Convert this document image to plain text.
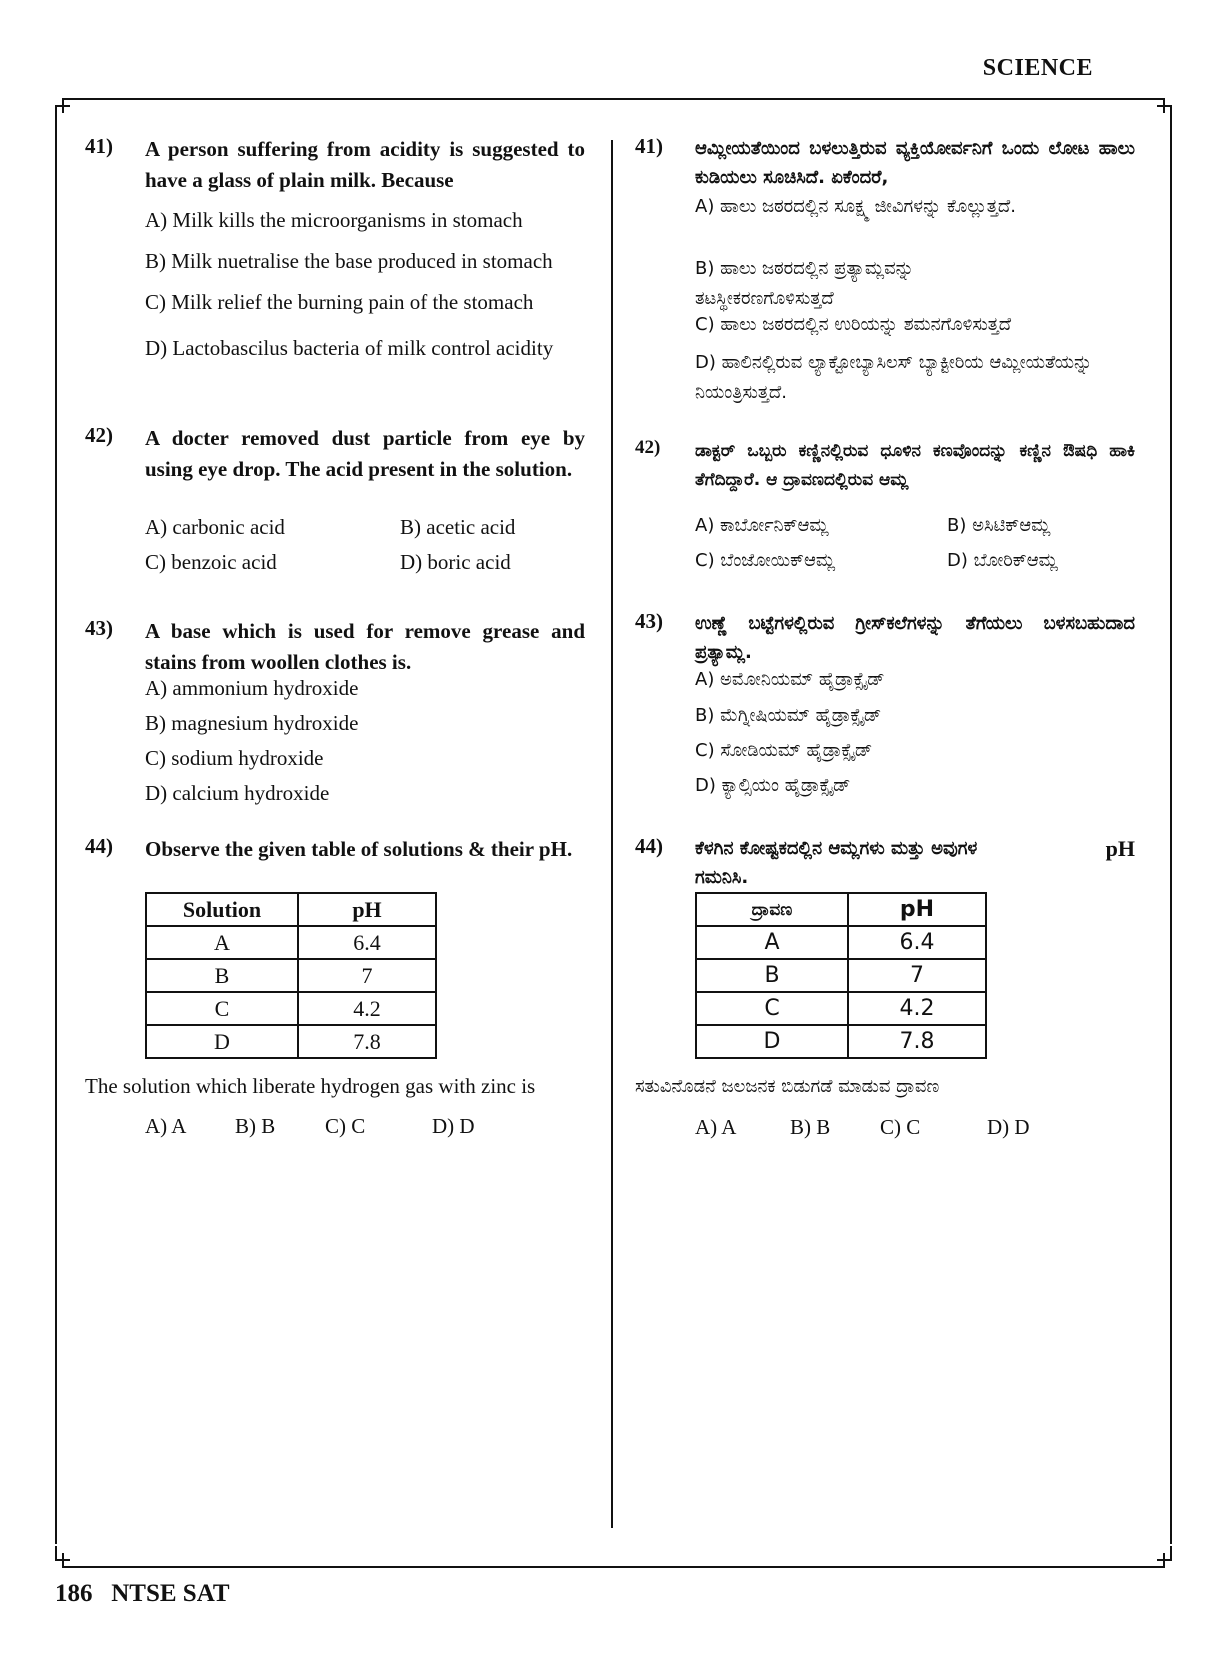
SCIENCE
41) A person suffering from acidity is suggested to have a glass of plain milk. Because
A) Milk kills the microorganisms in stomach
B) Milk nuetralise the base produced in stomach
C) Milk relief the burning pain of the stomach
D) Lactobascilus bacteria of milk control acidity
42) A docter removed dust particle from eye by using eye drop. The acid present in the solution.
A) carbonic acid	B) acetic acid
C) benzoic acid	D) boric acid
43) A base which is used for remove grease and stains from woollen clothes is.
A) ammonium hydroxide
B) magnesium hydroxide
C) sodium hydroxide
D) calcium hydroxide
44) Observe the given table of solutions & their pH.
Solution	pH
A	6.4
B	7
C	4.2
D	7.8
The solution which liberate hydrogen gas with zinc is
A) A B) B C) C	D) D
41) ಆಮ್ಲೀಯತೆಯಿಂದ ಬಳಲುತ್ತಿರುವ ವ್ಯಕ್ತಿಯೋರ್ವನಿಗೆ ಒಂದು ಲೋಟ ಹಾಲು ಕುಡಿಯಲು ಸೂಚಿಸಿದೆ. ಏಕೆಂದರೆ,
A) ಹಾಲು ಜಠರದಲ್ಲಿನ ಸೂಕ್ಷ್ಮ ಜೀವಿಗಳನ್ನು ಕೊಲ್ಲುತ್ತದೆ.
B) ಹಾಲು ಜಠರದಲ್ಲಿನ ಪ್ರತ್ಯಾಮ್ಲವನ್ನು ತಟಸ್ಥೀಕರಣಗೊಳಿಸುತ್ತದೆ
C) ಹಾಲು ಜಠರದಲ್ಲಿನ ಉರಿಯನ್ನು ಶಮನಗೊಳಿಸುತ್ತದೆ
D) ಹಾಲಿನಲ್ಲಿರುವ ಲ್ಯಾಕ್ಟೋಬ್ಯಾಸಿಲಸ್ ಬ್ಯಾಕ್ಟೀರಿಯ ಆಮ್ಲೀಯತೆಯನ್ನು ನಿಯಂತ್ರಿಸುತ್ತದೆ.
42) ಡಾಕ್ಟರ್ ಒಬ್ಬರು ಕಣ್ಣಿನಲ್ಲಿರುವ ಧೂಳಿನ ಕಣವೊಂದನ್ನು ಕಣ್ಣಿನ ಔಷಧಿ ಹಾಕಿ ತೆಗೆದಿದ್ದಾರೆ. ಆ ದ್ರಾವಣದಲ್ಲಿರುವ ಆಮ್ಲ
A) ಕಾರ್ಬೋನಿಕ್ಆಮ್ಲ	B) ಅಸಿಟಿಕ್ಆಮ್ಲ
C) ಬೆಂಜೋಯಿಕ್ಆಮ್ಲ	D) ಬೋರಿಕ್ಆಮ್ಲ
43) ಉಣ್ಣೆ ಬಟ್ಟೆಗಳಲ್ಲಿರುವ ಗ್ರೀಸ್‌ಕಲೆಗಳನ್ನು ತೆಗೆಯಲು ಬಳಸಬಹುದಾದ ಪ್ರತ್ಯಾಮ್ಲ.
A) ಅಮೋನಿಯಮ್ ಹೈಡ್ರಾಕ್ಸೈಡ್
B) ಮೆಗ್ನೀಷಿಯಮ್ ಹೈಡ್ರಾಕ್ಸೈಡ್
C) ಸೋಡಿಯಮ್ ಹೈಡ್ರಾಕ್ಸೈಡ್
D) ಕ್ಯಾಲ್ಸಿಯಂ ಹೈಡ್ರಾಕ್ಸೈಡ್
44) ಕೆಳಗಿನ ಕೋಷ್ಟಕದಲ್ಲಿನ ಆಮ್ಲಗಳು ಮತ್ತು ಅವುಗಳ	pH

ಗಮನಿಸಿ.
ದ್ರಾವಣ	pH
A	6.4
B	7
C	4.2
D	7.8
ಸತುವಿನೊಡನೆ ಜಲಜನಕ ಬಿಡುಗಡೆ ಮಾಡುವ ದ್ರಾವಣ
A) A	B) B C) C	D) D
186 NTSE SAT
